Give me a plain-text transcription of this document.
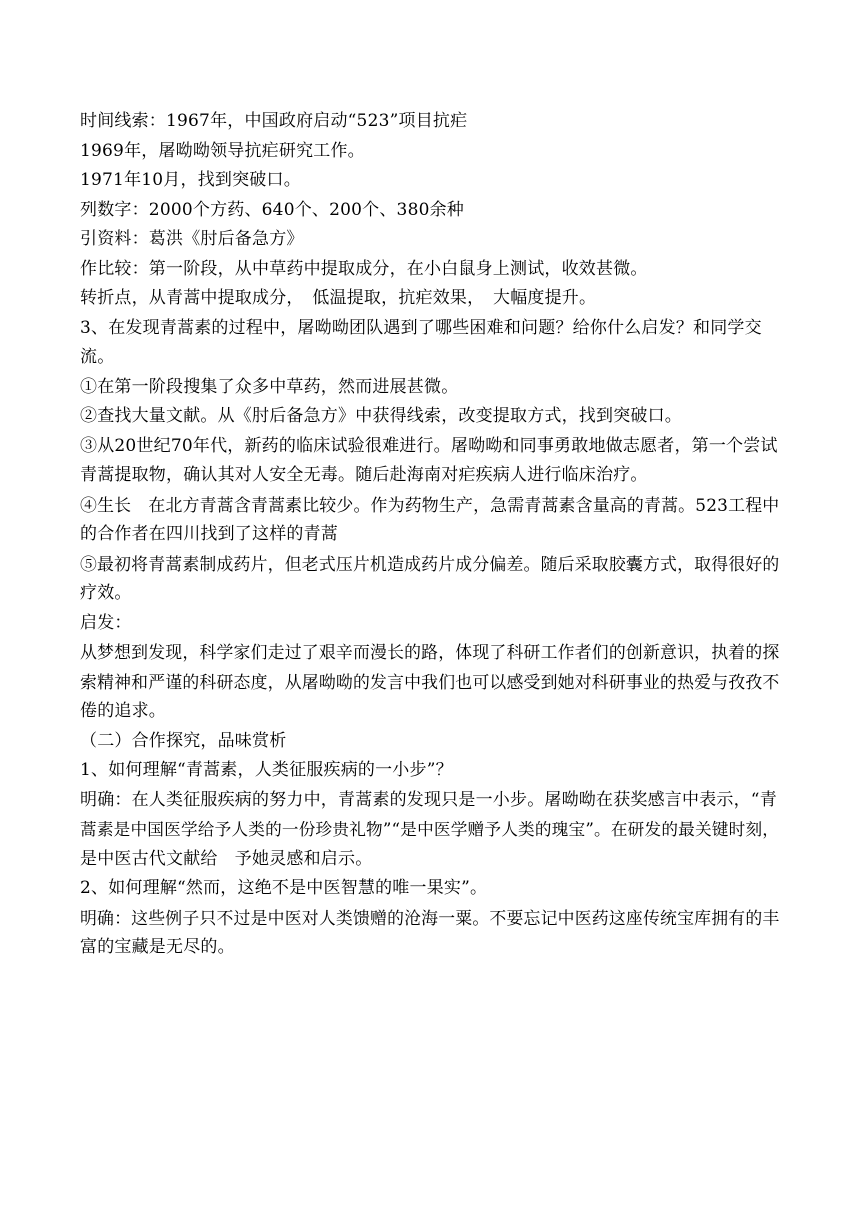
时间线索：1967年，中国政府启动“523”项目抗疟

1969年，屠呦呦领导抗疟研究工作。

1971年10月，找到突破口。

列数字：2000个方药、640个、200个、380余种

引资料：葛洪《肘后备急方》

作比较：第一阶段，从中草药中提取成分，在小白鼠身上测试，收效甚微。

转折点，从青蒿中提取成分，　低温提取，抗疟效果，　大幅度提升。

3、在发现青蒿素的过程中，屠呦呦团队遇到了哪些困难和问题？给你什么启发？和同学交

流。

①在第一阶段搜集了众多中草药，然而进展甚微。

②查找大量文献。从《肘后备急方》中获得线索，改变提取方式，找到突破口。

③从20世纪70年代，新药的临床试验很难进行。屠呦呦和同事勇敢地做志愿者，第一个尝试

青蒿提取物，确认其对人安全无毒。随后赴海南对疟疾病人进行临床治疗。

④生长　在北方青蒿含青蒿素比较少。作为药物生产，急需青蒿素含量高的青蒿。523工程中

的合作者在四川找到了这样的青蒿

⑤最初将青蒿素制成药片，但老式压片机造成药片成分偏差。随后采取胶囊方式，取得很好的

疗效。

启发：

从梦想到发现，科学家们走过了艰辛而漫长的路，体现了科研工作者们的创新意识，执着的探

索精神和严谨的科研态度，从屠呦呦的发言中我们也可以感受到她对科研事业的热爱与孜孜不

倦的追求。

（二）合作探究，品味赏析

1、如何理解“青蒿素，人类征服疾病的一小步”？

明确：在人类征服疾病的努力中，青蒿素的发现只是一小步。屠呦呦在获奖感言中表示，“青

蒿素是中国医学给予人类的一份珍贵礼物”“是中医学赠予人类的瑰宝”。在研发的最关键时刻，

是中医古代文献给　予她灵感和启示。

2、如何理解“然而，这绝不是中医智慧的唯一果实”。

明确：这些例子只不过是中医对人类馈赠的沧海一粟。不要忘记中医药这座传统宝库拥有的丰

富的宝藏是无尽的。
